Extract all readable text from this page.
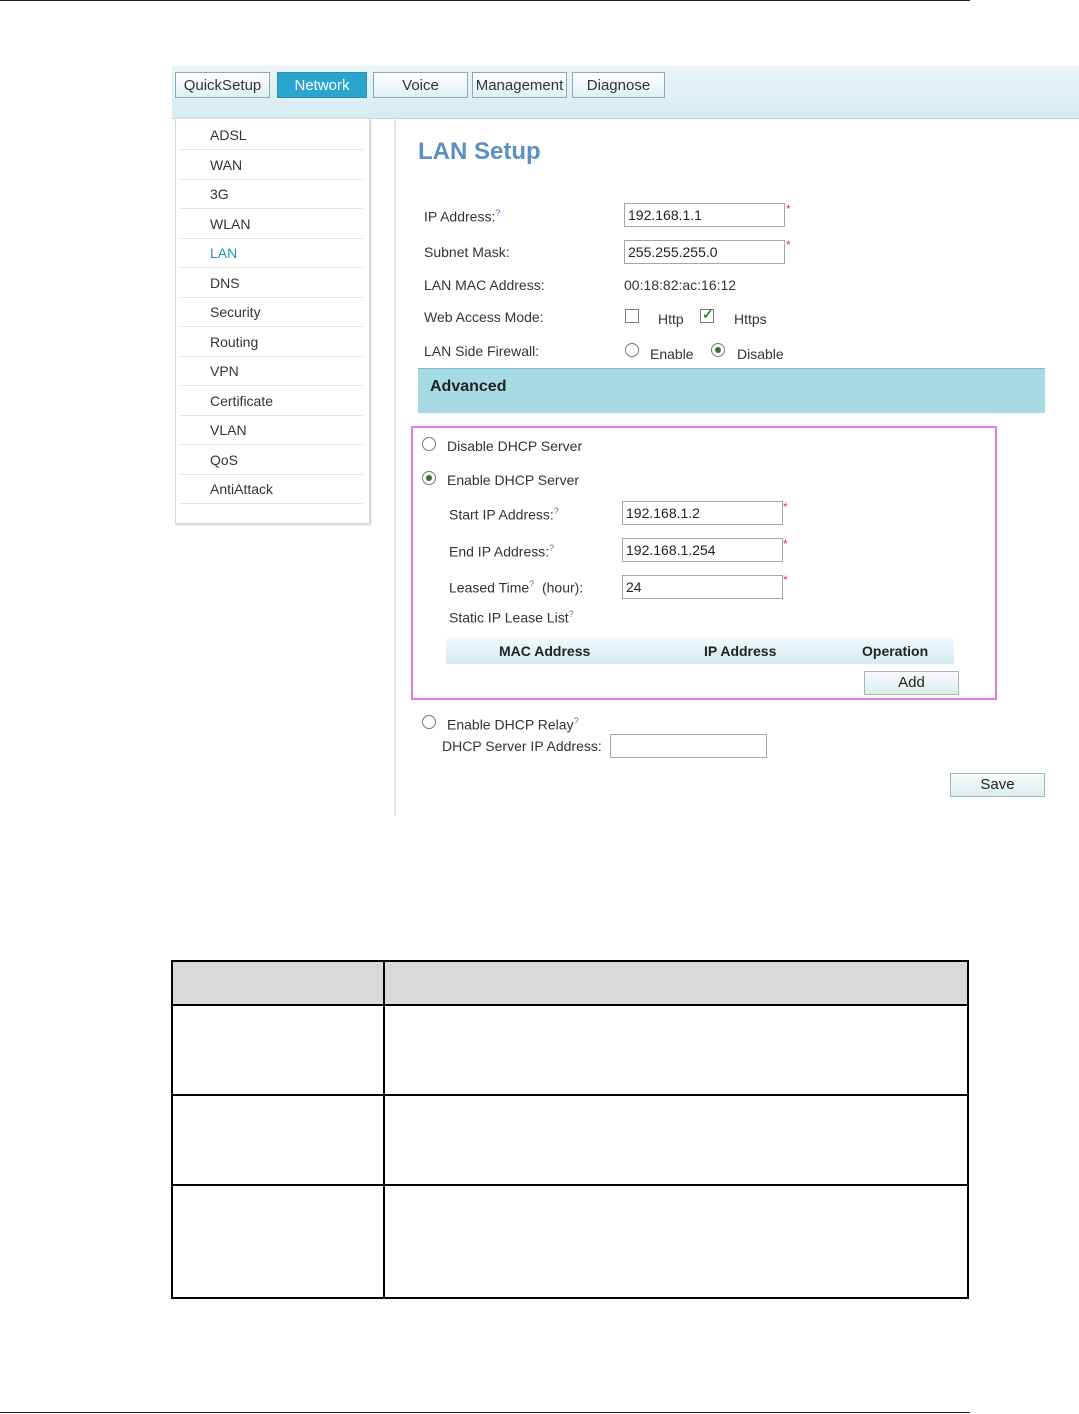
QuickSetup	Network	Voice	Management	Diagnose
ADSL
WAN
3G
WLAN
LAN
DNS
Security
Routing
VPN
Certificate
VLAN
QoS
AntiAttack
LAN Setup
IP Address:?	192.168.1.1	*
Subnet Mask:	255.255.255.0	*
LAN MAC Address:	00:18:82:ac:16:12
Web Access Mode:	Http
✓	Https
LAN Side Firewall:	Enable	Disable
Advanced
Disable DHCP Server
Enable DHCP Server
Start IP Address:?	192.168.1.2	*
End IP Address:?	192.168.1.254	*
Leased Time? (hour):	24	*
Static IP Lease List?
MAC Address	IP Address	Operation
Add
Enable DHCP Relay?
DHCP Server IP Address:
Save
